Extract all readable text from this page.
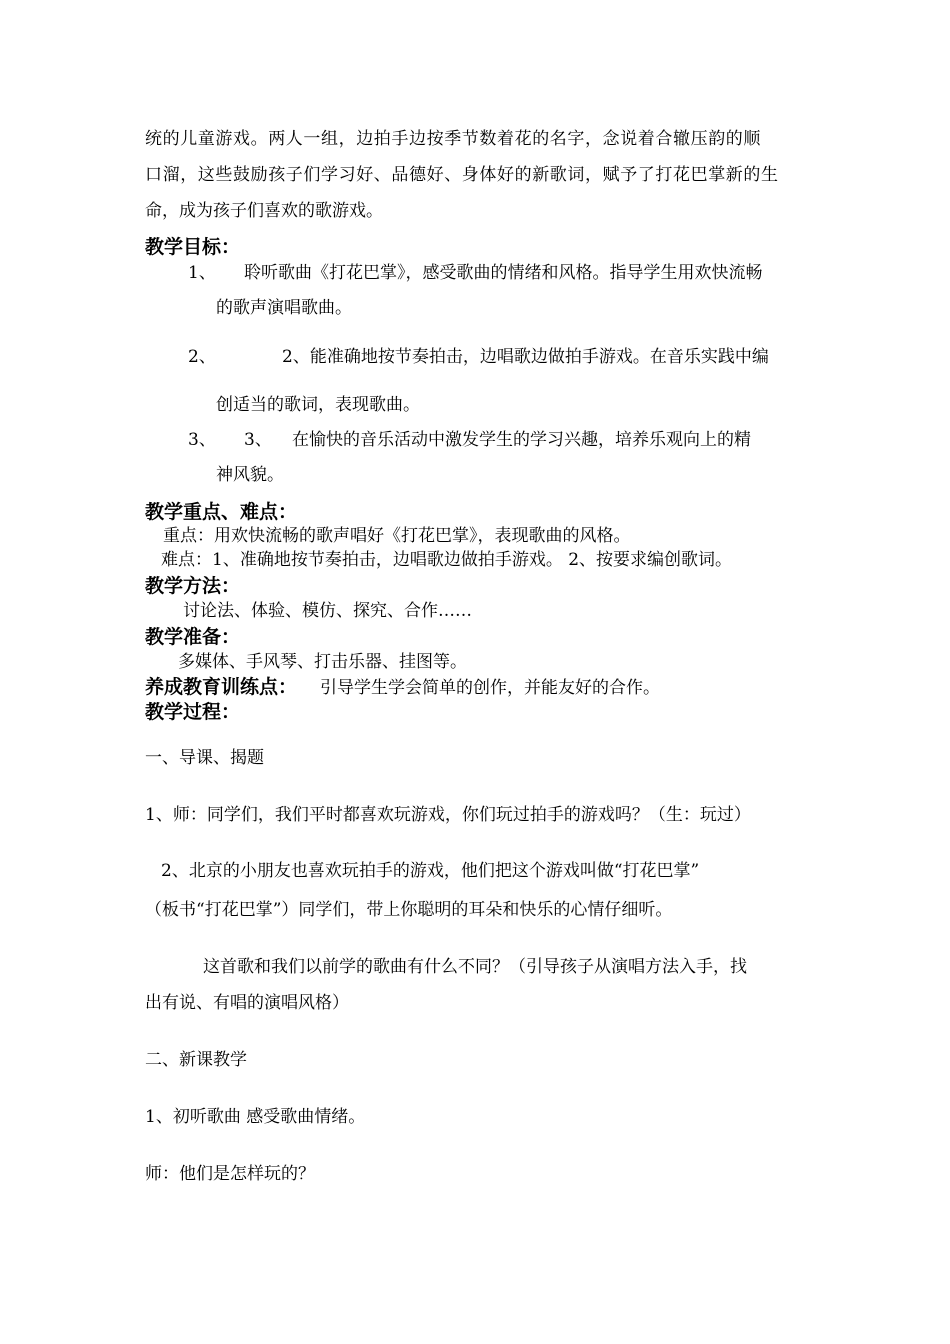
统的儿童游戏。两人一组，边拍手边按季节数着花的名字，念说着合辙压韵的顺
口溜，这些鼓励孩子们学习好、品德好、身体好的新歌词，赋予了打花巴掌新的生
命，成为孩子们喜欢的歌游戏。
教学目标：
1、 聆听歌曲《打花巴掌》，感受歌曲的情绪和风格。指导学生用欢快流畅
的歌声演唱歌曲。
2、	2、能准确地按节奏拍击，边唱歌边做拍手游戏。在音乐实践中编
创适当的歌词，表现歌曲。
3、 3、 在愉快的音乐活动中激发学生的学习兴趣，培养乐观向上的精
神风貌。
教学重点、难点：
重点：用欢快流畅的歌声唱好《打花巴掌》，表现歌曲的风格。
难点：1、准确地按节奏拍击，边唱歌边做拍手游戏。 2、按要求编创歌词。
教学方法：
讨论法、体验、模仿、探究、合作……
教学准备：
多媒体、手风琴、打击乐器、挂图等。
养成教育训练点： 引导学生学会简单的创作，并能友好的合作。
教学过程：
一、导课、揭题
1、师：同学们，我们平时都喜欢玩游戏，你们玩过拍手的游戏吗？（生：玩过）
2、北京的小朋友也喜欢玩拍手的游戏，他们把这个游戏叫做“打花巴掌”
（板书“打花巴掌”）同学们，带上你聪明的耳朵和快乐的心情仔细听。
这首歌和我们以前学的歌曲有什么不同？（引导孩子从演唱方法入手，找
出有说、有唱的演唱风格）
二、新课教学
1、初听歌曲 感受歌曲情绪。
师：他们是怎样玩的？
